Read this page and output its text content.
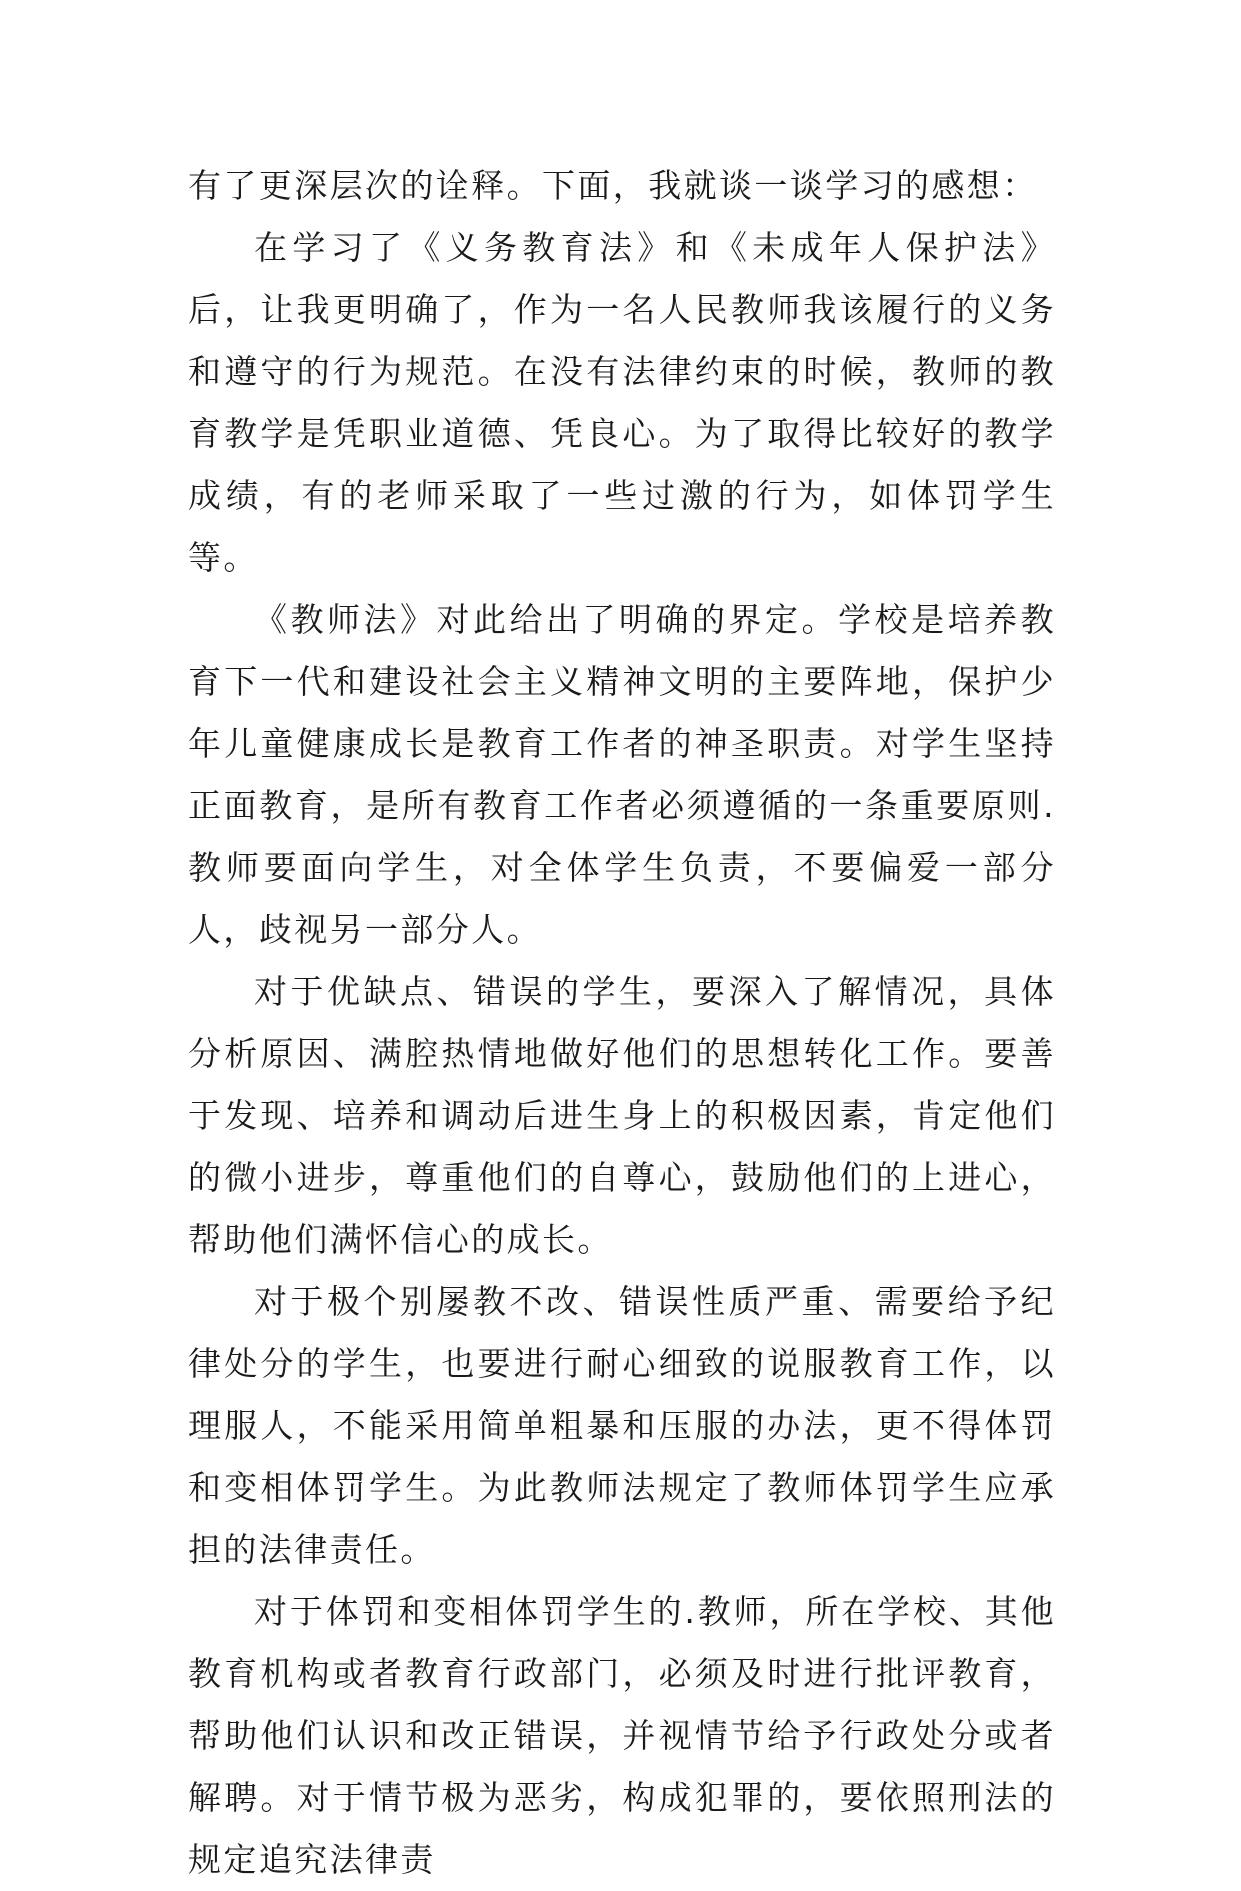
有了更深层次的诠释。下面，我就谈一谈学习的感想：

在学习了《义务教育法》和《未成年人保护法》后，让我更明确了，作为一名人民教师我该履行的义务和遵守的行为规范。在没有法律约束的时候，教师的教育教学是凭职业道德、凭良心。为了取得比较好的教学成绩，有的老师采取了一些过激的行为，如体罚学生等。

《教师法》对此给出了明确的界定。学校是培养教育下一代和建设社会主义精神文明的主要阵地，保护少年儿童健康成长是教育工作者的神圣职责。对学生坚持正面教育，是所有教育工作者必须遵循的一条重要原则.教师要面向学生，对全体学生负责，不要偏爱一部分人，歧视另一部分人。

对于优缺点、错误的学生，要深入了解情况，具体分析原因、满腔热情地做好他们的思想转化工作。要善于发现、培养和调动后进生身上的积极因素，肯定他们的微小进步，尊重他们的自尊心，鼓励他们的上进心，帮助他们满怀信心的成长。

对于极个别屡教不改、错误性质严重、需要给予纪律处分的学生，也要进行耐心细致的说服教育工作，以理服人，不能采用简单粗暴和压服的办法，更不得体罚和变相体罚学生。为此教师法规定了教师体罚学生应承担的法律责任。

对于体罚和变相体罚学生的.教师，所在学校、其他教育机构或者教育行政部门，必须及时进行批评教育，帮助他们认识和改正错误，并视情节给予行政处分或者解聘。对于情节极为恶劣，构成犯罪的，要依照刑法的规定追究法律责
